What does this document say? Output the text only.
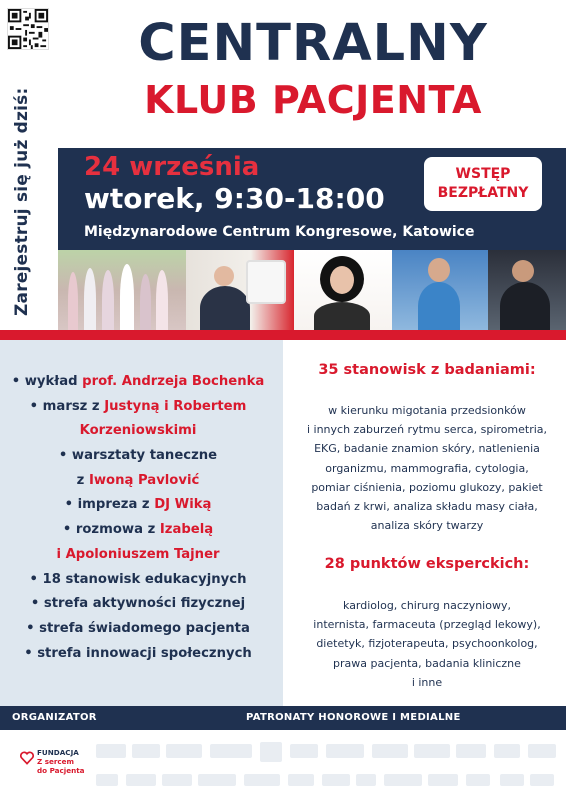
Zarejestruj się już dziś:
CENTRALNY
KLUB PACJENTA
24 września
wtorek, 9:30-18:00
Międzynarodowe Centrum Kongresowe, Katowice
WSTĘP
BEZPŁATNY
• wykład prof. Andrzeja Bochenka
• marsz z Justyną i Robertem
Korzeniowskimi
• warsztaty taneczne
z Iwoną Pavlović
• impreza z DJ Wiką
• rozmowa z Izabelą
i Apoloniuszem Tajner
• 18 stanowisk edukacyjnych
• strefa aktywności fizycznej
• strefa świadomego pacjenta
• strefa innowacji społecznych
35 stanowisk z badaniami:
w kierunku migotania przedsionków
i innych zaburzeń rytmu serca, spirometria,
EKG, badanie znamion skóry, natlenienia
organizmu, mammografia, cytologia,
pomiar ciśnienia, poziomu glukozy, pakiet
badań z krwi, analiza składu masy ciała,
analiza skóry twarzy
28 punktów eksperckich:
kardiolog, chirurg naczyniowy,
internista, farmaceuta (przegląd lekowy),
dietetyk, fizjoterapeuta, psychoonkolog,
prawa pacjenta, badania kliniczne
i inne
ORGANIZATOR	PATRONATY HONOROWE I MEDIALNE
FUNDACJA
Z sercem
do Pacjenta
